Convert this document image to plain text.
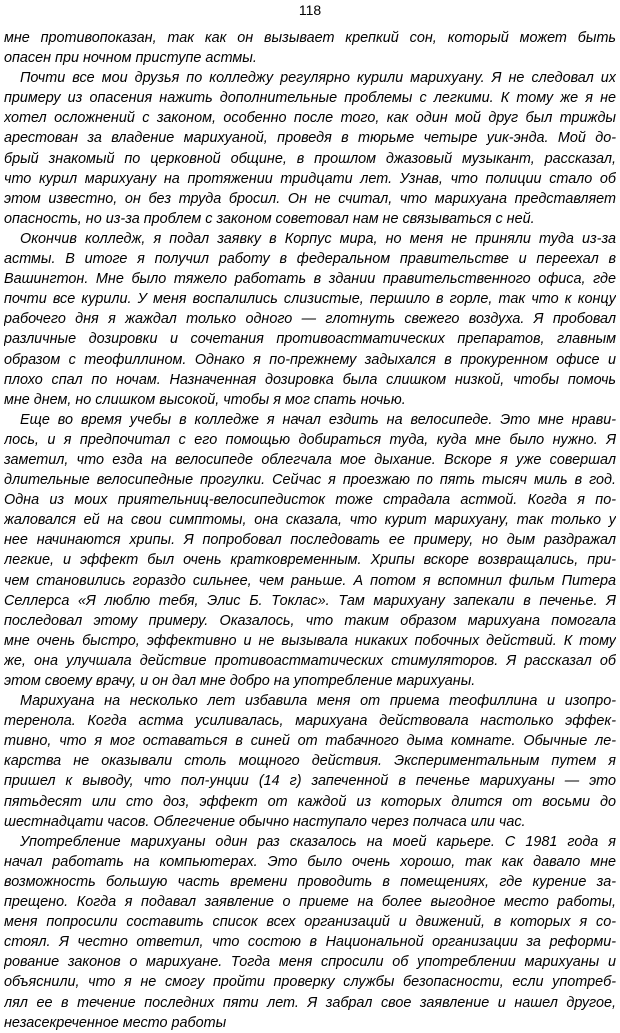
118
мне противопоказан, так как он вызывает крепкий сон, который может быть
опасен при ночном приступе астмы.
Почти все мои друзья по колледжу регулярно курили марихуану. Я не следовал их
примеру из опасения нажить дополнительные проблемы с легкими. К тому же я не
хотел осложнений с законом, особенно после того, как один мой друг был трижды
арестован за владение марихуаной, проведя в тюрьме четыре уик-энда. Мой до-
брый знакомый по церковной общине, в прошлом джазовый музыкант, рассказал,
что курил марихуану на протяжении тридцати лет. Узнав, что полиции стало об
этом известно, он без труда бросил. Он не считал, что марихуана представляет
опасность, но из-за проблем с законом советовал нам не связываться с ней.
Окончив колледж, я подал заявку в Корпус мира, но меня не приняли туда из-за
астмы. В итоге я получил работу в федеральном правительстве и переехал в
Вашингтон. Мне было тяжело работать в здании правительственного офиса, где
почти все курили. У меня воспалились слизистые, першило в горле, так что к концу
рабочего дня я жаждал только одного — глотнуть свежего воздуха. Я пробовал
различные дозировки и сочетания противоастматических препаратов, главным
образом с теофиллином. Однако я по-прежнему задыхался в прокуренном офисе и
плохо спал по ночам. Назначенная дозировка была слишком низкой, чтобы помочь
мне днем, но слишком высокой, чтобы я мог спать ночью.
Еще во время учебы в колледже я начал ездить на велосипеде. Это мне нрави-
лось, и я предпочитал с его помощью добираться туда, куда мне было нужно. Я
заметил, что езда на велосипеде облегчала мое дыхание. Вскоре я уже совершал
длительные велосипедные прогулки. Сейчас я проезжаю по пять тысяч миль в год.
Одна из моих приятельниц-велосипедисток тоже страдала астмой. Когда я по-
жаловался ей на свои симптомы, она сказала, что курит марихуану, так только у
нее начинаются хрипы. Я попробовал последовать ее примеру, но дым раздражал
легкие, и эффект был очень кратковременным. Хрипы вскоре возвращались, при-
чем становились гораздо сильнее, чем раньше. А потом я вспомнил фильм Питера
Селлерса «Я люблю тебя, Элис Б. Токлас». Там марихуану запекали в печенье. Я
последовал этому примеру. Оказалось, что таким образом марихуана помогала
мне очень быстро, эффективно и не вызывала никаких побочных действий. К тому
же, она улучшала действие противоастматических стимуляторов. Я рассказал об
этом своему врачу, и он дал мне добро на употребление марихуаны.
Марихуана на несколько лет избавила меня от приема теофиллина и изопро-
теренола. Когда астма усиливалась, марихуана действовала настолько эффек-
тивно, что я мог оставаться в синей от табачного дыма комнате. Обычные ле-
карства не оказывали столь мощного действия. Экспериментальным путем я
пришел к выводу, что пол-унции (14 г) запеченной в печенье марихуаны — это
пятьдесят или сто доз, эффект от каждой из которых длится от восьми до
шестнадцати часов. Облегчение обычно наступало через полчаса или час.
Употребление марихуаны один раз сказалось на моей карьере. С 1981 года я
начал работать на компьютерах. Это было очень хорошо, так как давало мне
возможность большую часть времени проводить в помещениях, где курение за-
прещено. Когда я подавал заявление о приеме на более выгодное место работы,
меня попросили составить список всех организаций и движений, в которых я со-
стоял. Я честно ответил, что состою в Национальной организации за реформи-
рование законов о марихуане. Тогда меня спросили об употреблении марихуаны и
объяснили, что я не смогу пройти проверку службы безопасности, если употреб-
лял ее в течение последних пяти лет. Я забрал свое заявление и нашел другое,
незасекреченное место работы
